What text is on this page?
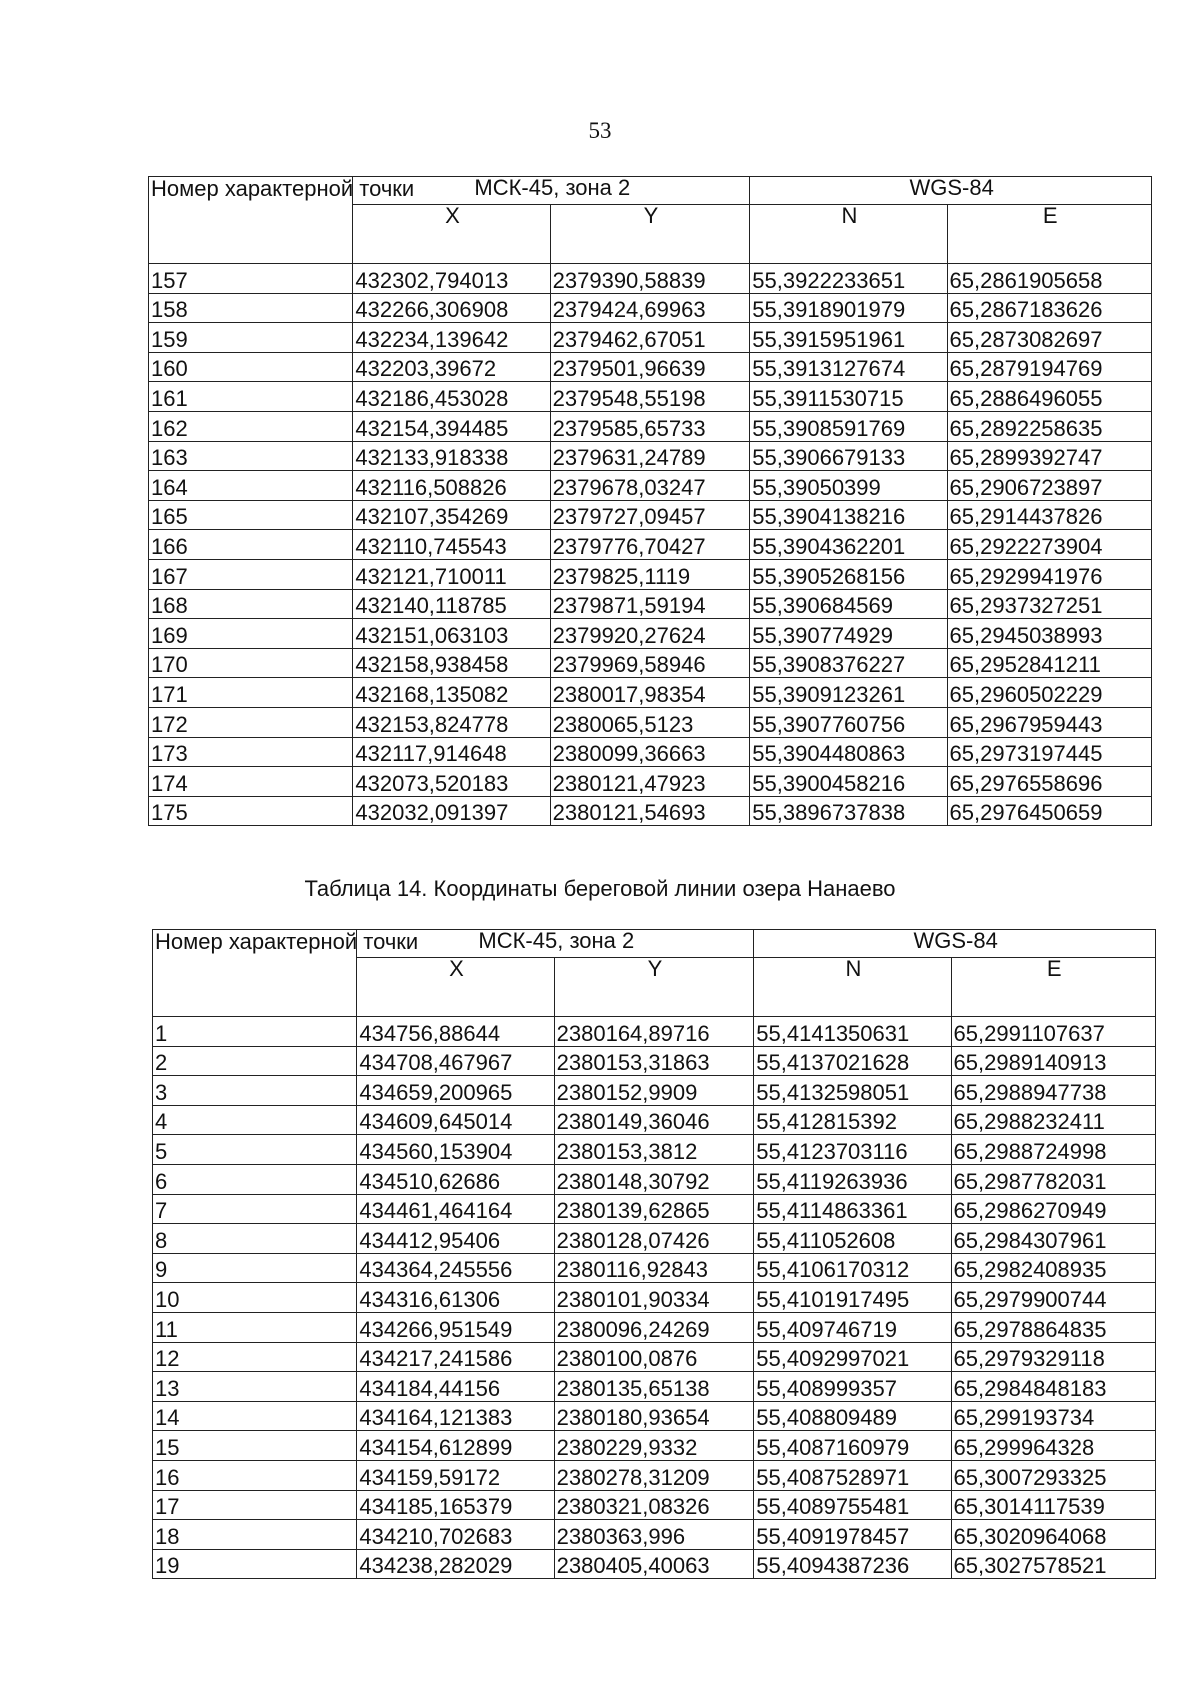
53
Номер характерной точки	МСК-45, зона 2		WGS-84	
	X	Y	N	E
157	432302,794013	2379390,58839	55,3922233651	65,2861905658
158	432266,306908	2379424,69963	55,3918901979	65,2867183626
159	432234,139642	2379462,67051	55,3915951961	65,2873082697
160	432203,39672	2379501,96639	55,3913127674	65,2879194769
161	432186,453028	2379548,55198	55,3911530715	65,2886496055
162	432154,394485	2379585,65733	55,3908591769	65,2892258635
163	432133,918338	2379631,24789	55,3906679133	65,2899392747
164	432116,508826	2379678,03247	55,39050399	65,2906723897
165	432107,354269	2379727,09457	55,3904138216	65,2914437826
166	432110,745543	2379776,70427	55,3904362201	65,2922273904
167	432121,710011	2379825,1119	55,3905268156	65,2929941976
168	432140,118785	2379871,59194	55,390684569	65,2937327251
169	432151,063103	2379920,27624	55,390774929	65,2945038993
170	432158,938458	2379969,58946	55,3908376227	65,2952841211
171	432168,135082	2380017,98354	55,3909123261	65,2960502229
172	432153,824778	2380065,5123	55,3907760756	65,2967959443
173	432117,914648	2380099,36663	55,3904480863	65,2973197445
174	432073,520183	2380121,47923	55,3900458216	65,2976558696
175	432032,091397	2380121,54693	55,3896737838	65,2976450659
Таблица 14. Координаты береговой линии озера Нанаево
Номер характерной точки	МСК-45, зона 2		WGS-84	
	X	Y	N	E
1	434756,88644	2380164,89716	55,4141350631	65,2991107637
2	434708,467967	2380153,31863	55,4137021628	65,2989140913
3	434659,200965	2380152,9909	55,4132598051	65,2988947738
4	434609,645014	2380149,36046	55,412815392	65,2988232411
5	434560,153904	2380153,3812	55,4123703116	65,2988724998
6	434510,62686	2380148,30792	55,4119263936	65,2987782031
7	434461,464164	2380139,62865	55,4114863361	65,2986270949
8	434412,95406	2380128,07426	55,411052608	65,2984307961
9	434364,245556	2380116,92843	55,4106170312	65,2982408935
10	434316,61306	2380101,90334	55,4101917495	65,2979900744
11	434266,951549	2380096,24269	55,409746719	65,2978864835
12	434217,241586	2380100,0876	55,4092997021	65,2979329118
13	434184,44156	2380135,65138	55,408999357	65,2984848183
14	434164,121383	2380180,93654	55,408809489	65,299193734
15	434154,612899	2380229,9332	55,4087160979	65,299964328
16	434159,59172	2380278,31209	55,4087528971	65,3007293325
17	434185,165379	2380321,08326	55,4089755481	65,3014117539
18	434210,702683	2380363,996	55,4091978457	65,3020964068
19	434238,282029	2380405,40063	55,4094387236	65,3027578521
